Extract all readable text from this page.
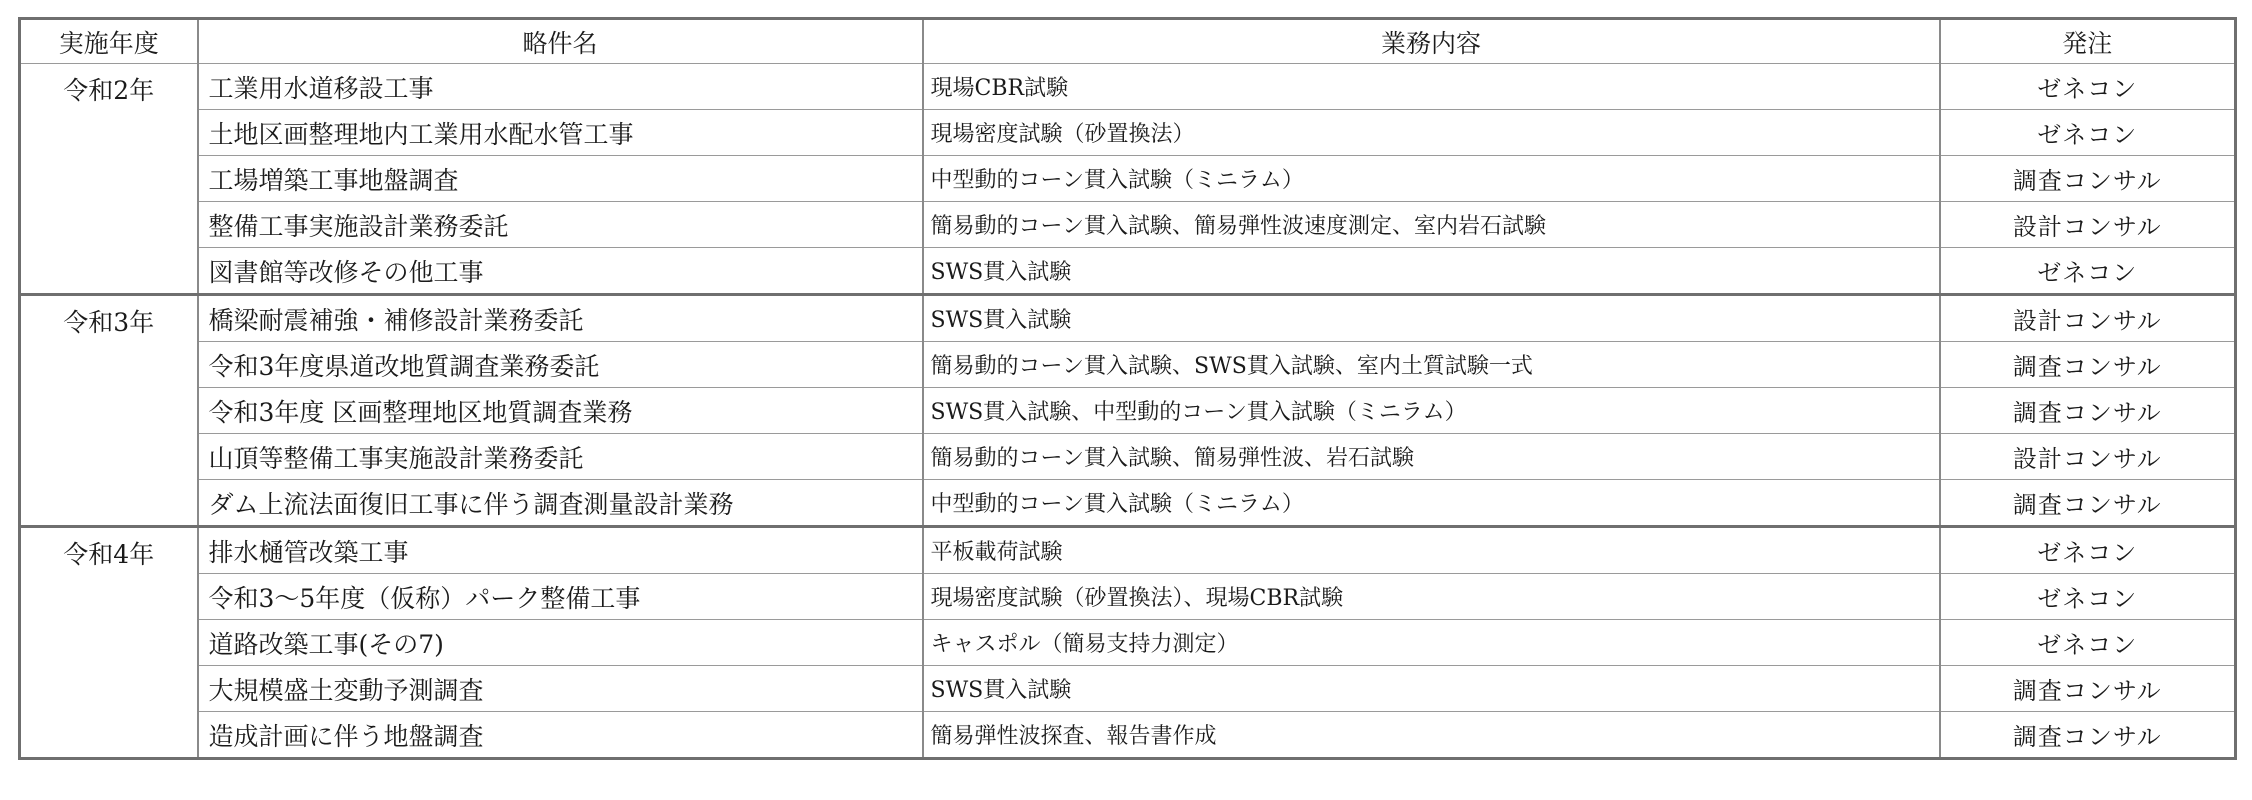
実施年度	略件名	業務内容	発注
令和2年	工業用水道移設工事	現場CBR試験	ゼネコン
	土地区画整理地内工業用水配水管工事	現場密度試験（砂置換法）	ゼネコン
	工場増築工事地盤調査	中型動的コーン貫入試験（ミニラム）	調査コンサル
	整備工事実施設計業務委託	簡易動的コーン貫入試験、簡易弾性波速度測定、室内岩石試験	設計コンサル
	図書館等改修その他工事	SWS貫入試験	ゼネコン
令和3年	橋梁耐震補強・補修設計業務委託	SWS貫入試験	設計コンサル
	令和3年度県道改地質調査業務委託	簡易動的コーン貫入試験、SWS貫入試験、室内土質試験一式	調査コンサル
	令和3年度 区画整理地区地質調査業務	SWS貫入試験、中型動的コーン貫入試験（ミニラム）	調査コンサル
	山頂等整備工事実施設計業務委託	簡易動的コーン貫入試験、簡易弾性波、岩石試験	設計コンサル
	ダム上流法面復旧工事に伴う調査測量設計業務	中型動的コーン貫入試験（ミニラム）	調査コンサル
令和4年	排水樋管改築工事	平板載荷試験	ゼネコン
	令和3～5年度（仮称）パーク整備工事	現場密度試験（砂置換法）、現場CBR試験	ゼネコン
	道路改築工事(その7)	キャスポル（簡易支持力測定）	ゼネコン
	大規模盛土変動予測調査	SWS貫入試験	調査コンサル
	造成計画に伴う地盤調査	簡易弾性波探査、報告書作成	調査コンサル
